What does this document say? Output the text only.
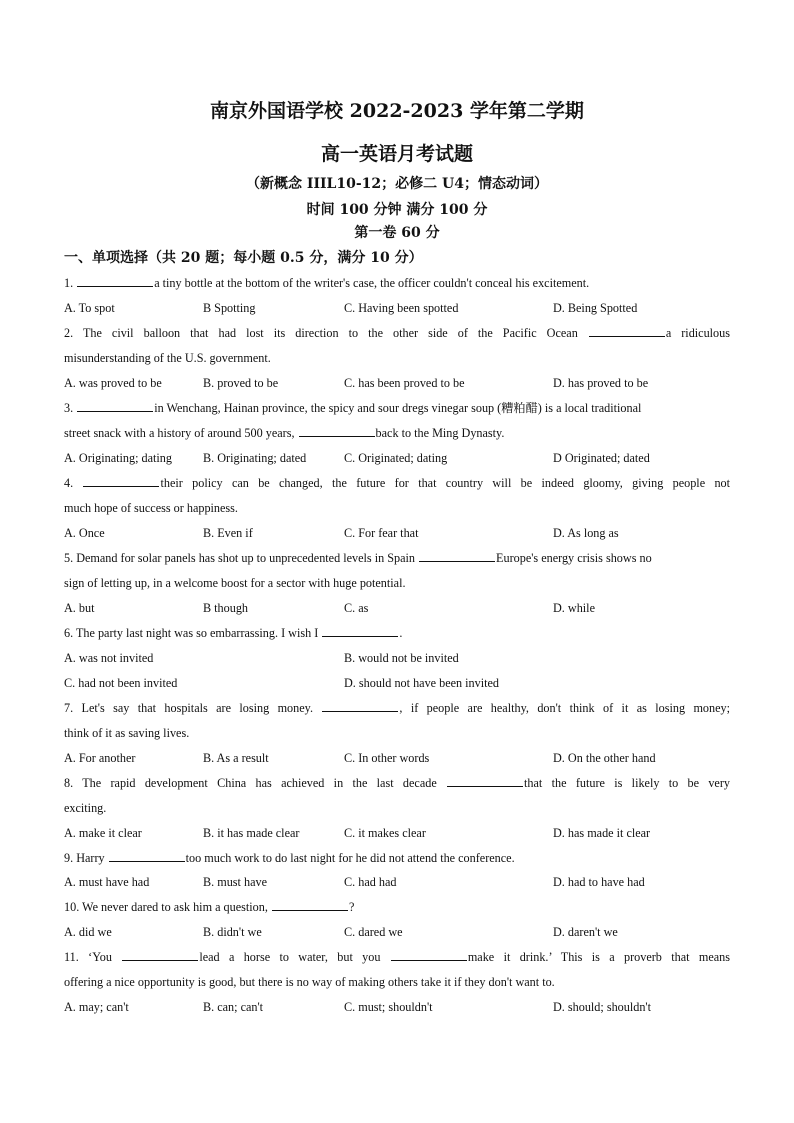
南京外国语学校 2022-2023 学年第二学期
高一英语月考试题
（新概念 IIIL10-12；必修二 U4；情态动词）
时间 100 分钟 满分 100 分
第一卷 60 分
一、单项选择（共 20 题；每小题 0.5 分，满分 10 分）
1.	a tiny bottle at the bottom of the writer's case, the officer couldn't conceal his excitement.
A. To spot	B Spotting	C. Having been spotted	D. Being Spotted
2. The civil balloon that had lost its direction to the other side of the Pacific Ocean	a ridiculous
misunderstanding of the U.S. government.
A. was proved to be	B. proved to be	C. has been proved to be	D. has proved to be
3.	in Wenchang, Hainan province, the spicy and sour dregs vinegar soup (糟粕醋) is a local traditional
street snack with a history of around 500 years,	back to the Ming Dynasty.
A. Originating; dating	B. Originating; dated	C. Originated; dating	D Originated; dated
4.	their policy can be changed, the future for that country will be indeed gloomy, giving people not
much hope of success or happiness.
A. Once	B. Even if	C. For fear that	D. As long as
5. Demand for solar panels has shot up to unprecedented levels in Spain	Europe's energy crisis shows no
sign of letting up, in a welcome boost for a sector with huge potential.
A. but	B though	C. as	D. while
6. The party last night was so embarrassing. I wish I	.
A. was not invited	B. would not be invited
C. had not been invited	D. should not have been invited
7. Let's say that hospitals are losing money.	, if people are healthy, don't think of it as losing money;
think of it as saving lives.
A. For another	B. As a result	C. In other words	D. On the other hand
8. The rapid development China has achieved in the last decade	that the future is likely to be very
exciting.
A. make it clear	B. it has made clear	C. it makes clear	D. has made it clear
9. Harry	too much work to do last night for he did not attend the conference.
A. must have had	B. must have	C. had had	D. had to have had
10. We never dared to ask him a question,	?
A. did we	B. didn't we	C. dared we	D. daren't we
11. ‘You	lead a horse to water, but you	make it drink.’ This is a proverb that means
offering a nice opportunity is good, but there is no way of making others take it if they don't want to.
A. may; can't	B. can; can't	C. must; shouldn't	D. should; shouldn't
